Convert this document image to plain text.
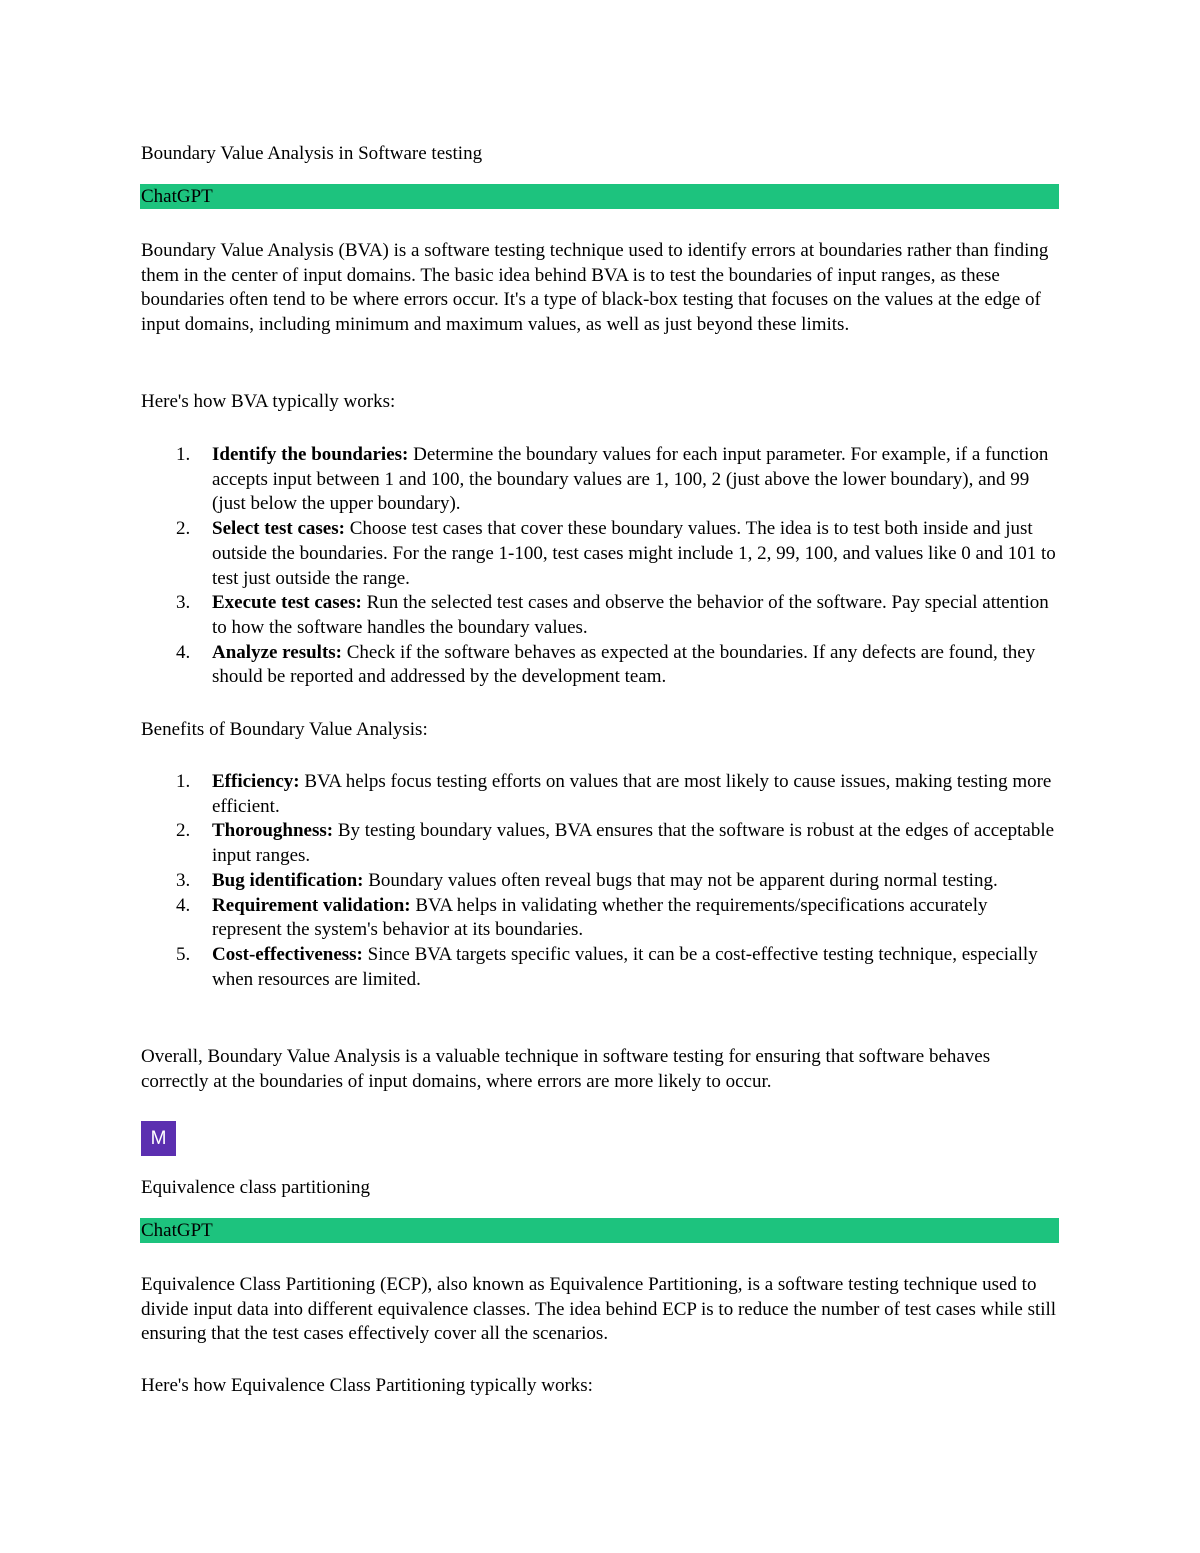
Boundary Value Analysis in Software testing
ChatGPT

Boundary Value Analysis (BVA) is a software testing technique used to identify errors at boundaries rather than finding them in the center of input domains. The basic idea behind BVA is to test the boundaries of input ranges, as these boundaries often tend to be where errors occur. It's a type of black-box testing that focuses on the values at the edge of input domains, including minimum and maximum values, as well as just beyond these limits.

Here's how BVA typically works:

1. Identify the boundaries: Determine the boundary values for each input parameter. For example, if a function accepts input between 1 and 100, the boundary values are 1, 100, 2 (just above the lower boundary), and 99 (just below the upper boundary).
2. Select test cases: Choose test cases that cover these boundary values. The idea is to test both inside and just outside the boundaries. For the range 1-100, test cases might include 1, 2, 99, 100, and values like 0 and 101 to test just outside the range.
3. Execute test cases: Run the selected test cases and observe the behavior of the software. Pay special attention to how the software handles the boundary values.
4. Analyze results: Check if the software behaves as expected at the boundaries. If any defects are found, they should be reported and addressed by the development team.

Benefits of Boundary Value Analysis:

1. Efficiency: BVA helps focus testing efforts on values that are most likely to cause issues, making testing more efficient.
2. Thoroughness: By testing boundary values, BVA ensures that the software is robust at the edges of acceptable input ranges.
3. Bug identification: Boundary values often reveal bugs that may not be apparent during normal testing.
4. Requirement validation: BVA helps in validating whether the requirements/specifications accurately represent the system's behavior at its boundaries.
5. Cost-effectiveness: Since BVA targets specific values, it can be a cost-effective testing technique, especially when resources are limited.

Overall, Boundary Value Analysis is a valuable technique in software testing for ensuring that software behaves correctly at the boundaries of input domains, where errors are more likely to occur.

M
Equivalence class partitioning
ChatGPT

Equivalence Class Partitioning (ECP), also known as Equivalence Partitioning, is a software testing technique used to divide input data into different equivalence classes. The idea behind ECP is to reduce the number of test cases while still ensuring that the test cases effectively cover all the scenarios.

Here's how Equivalence Class Partitioning typically works:
